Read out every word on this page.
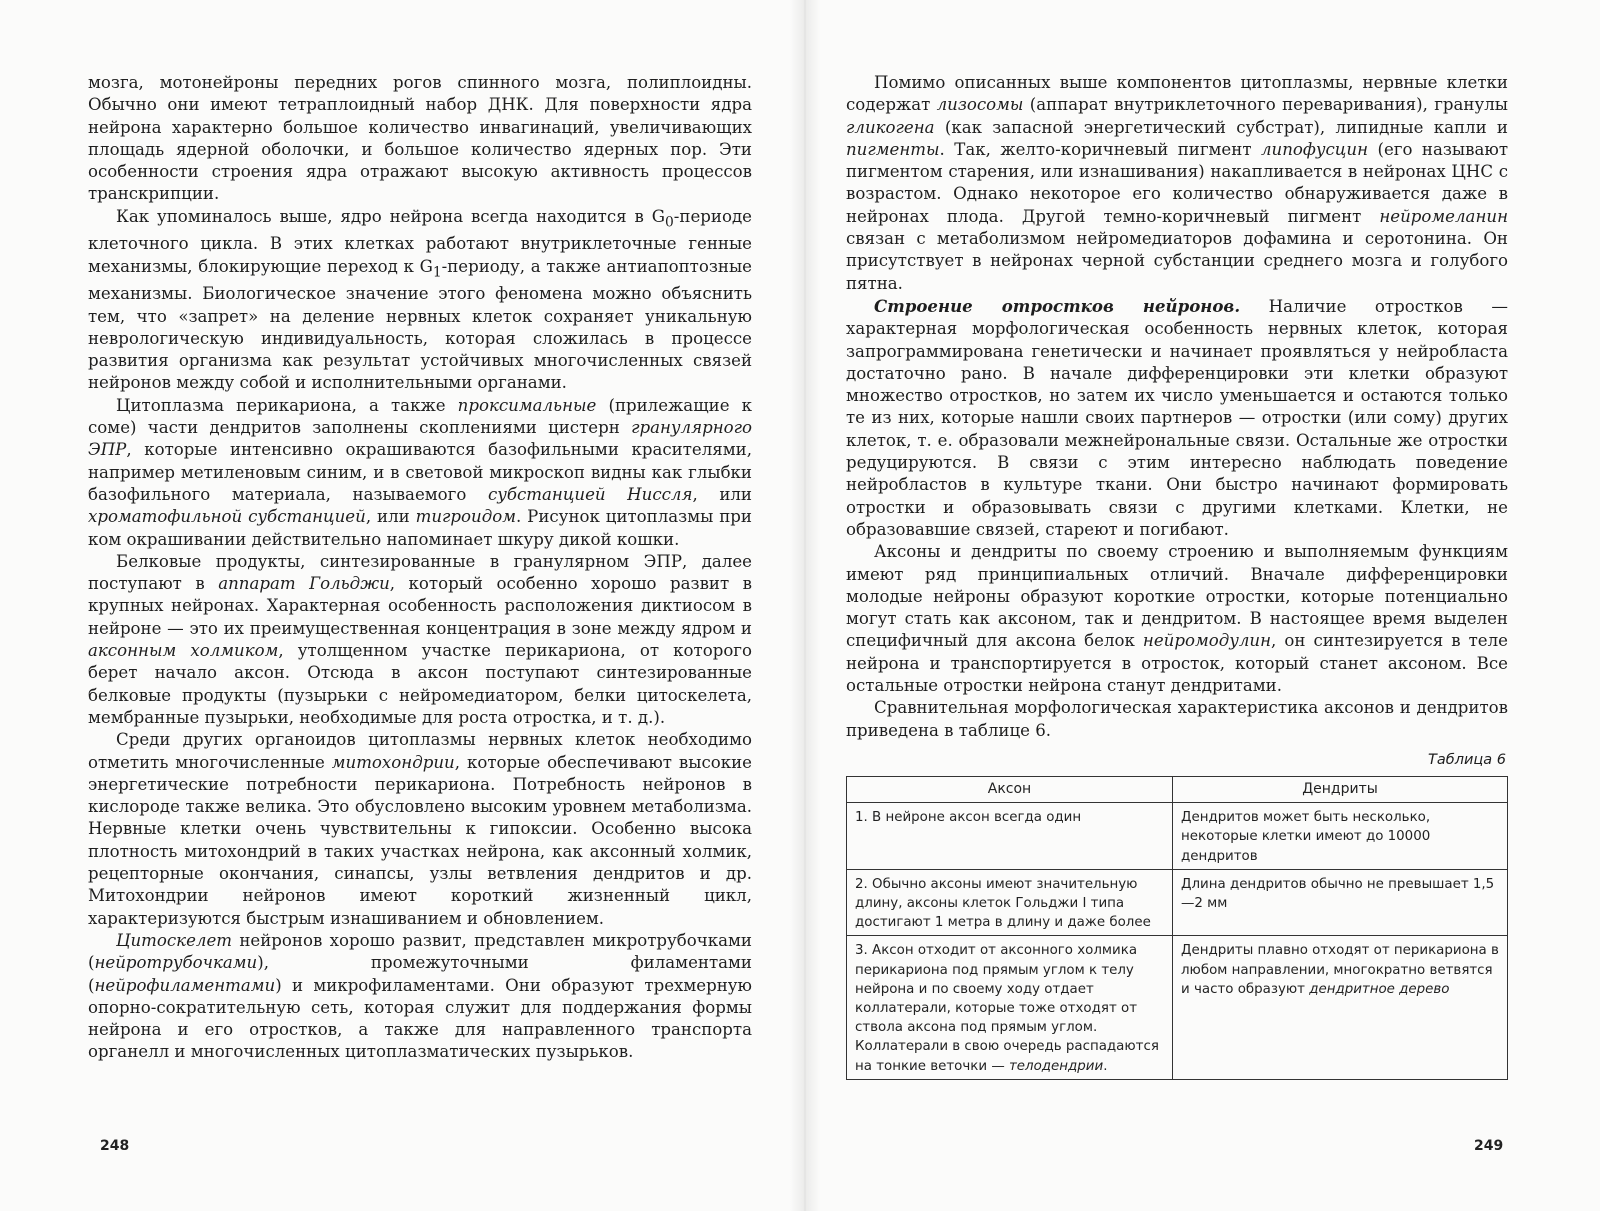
мозга, мотонейроны передних рогов спинного мозга, полиплоидны. Обычно они имеют тетраплоидный набор ДНК. Для поверхности ядра нейрона характерно большое количество инвагинаций, увеличивающих площадь ядерной оболочки, и большое количество ядерных пор. Эти особенности строения ядра отражают высокую активность процессов транскрипции.

Как упоминалось выше, ядро нейрона всегда находится в $G_0$-периоде клеточного цикла. В этих клетках работают внутриклеточные генные механизмы, блокирующие переход к $G_1$-периоду, а также антиапоптозные механизмы. Биологическое значение этого феномена можно объяснить тем, что «запрет» на деление нервных клеток сохраняет уникальную неврологическую индивидуальность, которая сложилась в процессе развития организма как результат устойчивых многочисленных связей нейронов между собой и исполнительными органами.

Цитоплазма перикариона, а также проксимальные (прилежащие к соме) части дендритов заполнены скоплениями цистерн гранулярного ЭПР, которые интенсивно окрашиваются базофильными красителями, например метиленовым синим, и в световой микроскоп видны как глыбки базофильного материала, называемого субстанцией Нисcля, или хроматофильной субстанцией, или тигроидом. Рисунок цитоплазмы при ком окрашивании действительно напоминает шкуру дикой кошки.

Белковые продукты, синтезированные в гранулярном ЭПР, далее поступают в аппарат Гольджи, который особенно хорошо развит в крупных нейронах. Характерная особенность расположения диктиосом в нейроне — это их преимущественная концентрация в зоне между ядром и аксонным холмиком, утолщенном участке перикариона, от которого берет начало аксон. Отсюда в аксон поступают синтезированные белковые продукты (пузырьки с нейромедиатором, белки цитоскелета, мембранные пузырьки, необходимые для роста отростка, и т. д.).

Среди других органоидов цитоплазмы нервных клеток необходимо отметить многочисленные митохондрии, которые обеспечивают высокие энергетические потребности перикариона. Потребность нейронов в кислороде также велика. Это обусловлено высоким уровнем метаболизма. Нервные клетки очень чувствительны к гипоксии. Особенно высока плотность митохондрий в таких участках нейрона, как аксонный холмик, рецепторные окончания, синапсы, узлы ветвления дендритов и др. Митохондрии нейронов имеют короткий жизненный цикл, характеризуются быстрым изнашиванием и обновлением.

Цитоскелет нейронов хорошо развит, представлен микротрубочками (нейротрубочками), промежуточными филаментами (нейрофиламентами) и микрофиламентами. Они образуют трехмерную опорно-сократительную сеть, которая служит для поддержания формы нейрона и его отростков, а также для направленного транспорта органелл и многочисленных цитоплазматических пузырьков.

248

Помимо описанных выше компонентов цитоплазмы, нервные клетки содержат лизосомы (аппарат внутриклеточного переваривания), гранулы гликогена (как запасной энергетический субстрат), липидные капли и пигменты. Так, желто-коричневый пигмент липофусцин (его называют пигментом старения, или изнашивания) накапливается в нейронах ЦНС с возрастом. Однако некоторое его количество обнаруживается даже в нейронах плода. Другой темно-коричневый пигмент нейромеланин связан с метаболизмом нейромедиаторов дофамина и серотонина. Он присутствует в нейронах черной субстанции среднего мозга и голубого пятна.

Строение отростков нейронов. Наличие отростков — характерная морфологическая особенность нервных клеток, которая запрограммирована генетически и начинает проявляться у нейробласта достаточно рано. В начале дифференцировки эти клетки образуют множество отростков, но затем их число уменьшается и остаются только те из них, которые нашли своих партнеров — отростки (или сому) других клеток, т. е. образовали межнейрональные связи. Остальные же отростки редуцируются. В связи с этим интересно наблюдать поведение нейробластов в культуре ткани. Они быстро начинают формировать отростки и образовывать связи с другими клетками. Клетки, не образовавшие связей, стареют и погибают.

Аксоны и дендриты по своему строению и выполняемым функциям имеют ряд принципиальных отличий. Вначале дифференцировки молодые нейроны образуют короткие отростки, которые потенциально могут стать как аксоном, так и дендритом. В настоящее время выделен специфичный для аксона белок нейромодулин, он синтезируется в теле нейрона и транспортируется в отросток, который станет аксоном. Все остальные отростки нейрона станут дендритами.

Сравнительная морфологическая характеристика аксонов и дендритов приведена в таблице 6.

Таблица 6
Аксон	Дендриты
1. В нейроне аксон всегда один	Дендритов может быть несколько, некоторые клетки имеют до 10000 дендритов
2. Обычно аксоны имеют значительную длину, аксоны клеток Гольджи I типа достигают 1 метра в длину и даже более	Длина дендритов обычно не превышает 1,5—2 мм
3. Аксон отходит от аксонного холмика перикариона под прямым углом к телу нейрона и по своему ходу отдает коллатерали, которые тоже отходят от ствола аксона под прямым углом. Коллатерали в свою очередь распадаются на тонкие веточки — телодендрии.	Дендриты плавно отходят от перикариона в любом направлении, многократно ветвятся и часто образуют дендритное дерево
249
